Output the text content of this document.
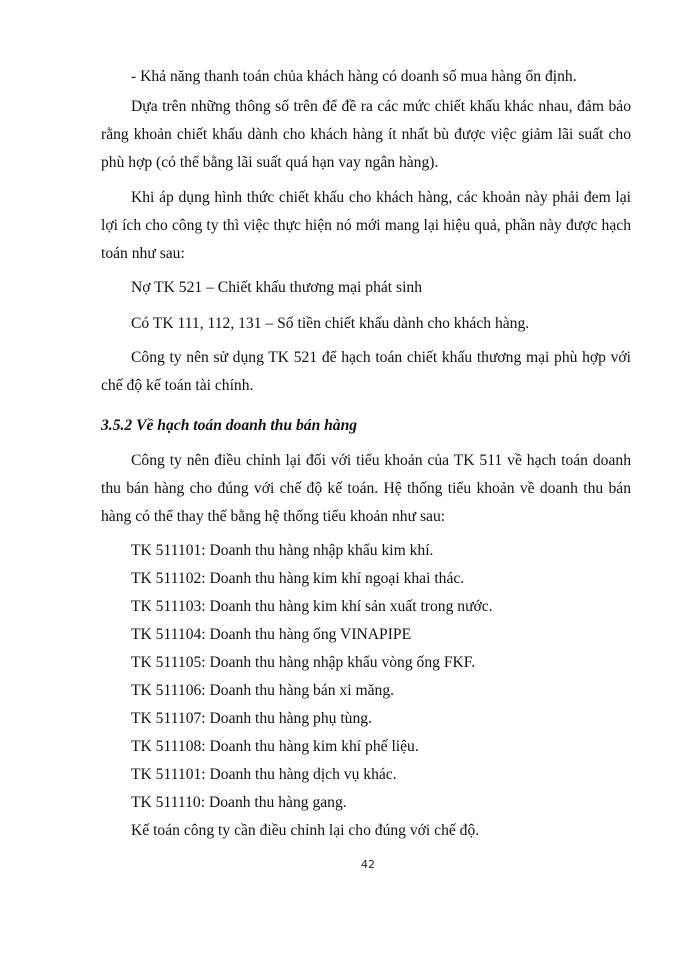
- Khả năng thanh toán chủa khách hàng có doanh số mua hàng ổn định.

Dựa trên những thông số trên để đề ra các mức chiết khấu khác nhau, đảm bảo rằng khoản chiết khấu dành cho khách hàng ít nhất bù được việc giảm lãi suất cho phù hợp (có thể bằng lãi suất quá hạn vay ngân hàng).

Khi áp dụng hình thức chiết khấu cho khách hàng, các khoản này phải đem lại lợi ích cho công ty thì việc thực hiện nó mới mang lại hiệu quả, phần này được hạch toán như sau:

Nợ TK 521 – Chiết khấu thương mại phát sinh

Có TK 111, 112, 131 – Số tiền chiết khấu dành cho khách hàng.

Công ty nên sử dụng TK 521 để hạch toán chiết khấu thương mại phù hợp với chế độ kế toán tài chính.

3.5.2 Về hạch toán doanh thu bán hàng

Công ty nên điều chỉnh lại đối với tiểu khoản của TK 511 về hạch toán doanh thu bán hàng cho đúng với chế độ kế toán. Hệ thống tiểu khoản về doanh thu bán hàng có thể thay thế bằng hệ thống tiểu khoản như sau:

TK 511101: Doanh thu hàng nhập khẩu kim khí.

TK 511102: Doanh thu hàng kim khí ngoại khai thác.

TK 511103: Doanh thu hàng kim khí sản xuất trong nước.

TK 511104: Doanh thu hàng ống VINAPIPE

TK 511105: Doanh thu hàng nhập khẩu vòng ống FKF.

TK 511106: Doanh thu hàng bán xi măng.

TK 511107: Doanh thu hàng phụ tùng.

TK 511108: Doanh thu hàng kim khí phế liệu.

TK 511101: Doanh thu hàng dịch vụ khác.

TK 511110: Doanh thu hàng gang.

Kế toán công ty cần điều chỉnh lại cho đúng với chế độ.

42
